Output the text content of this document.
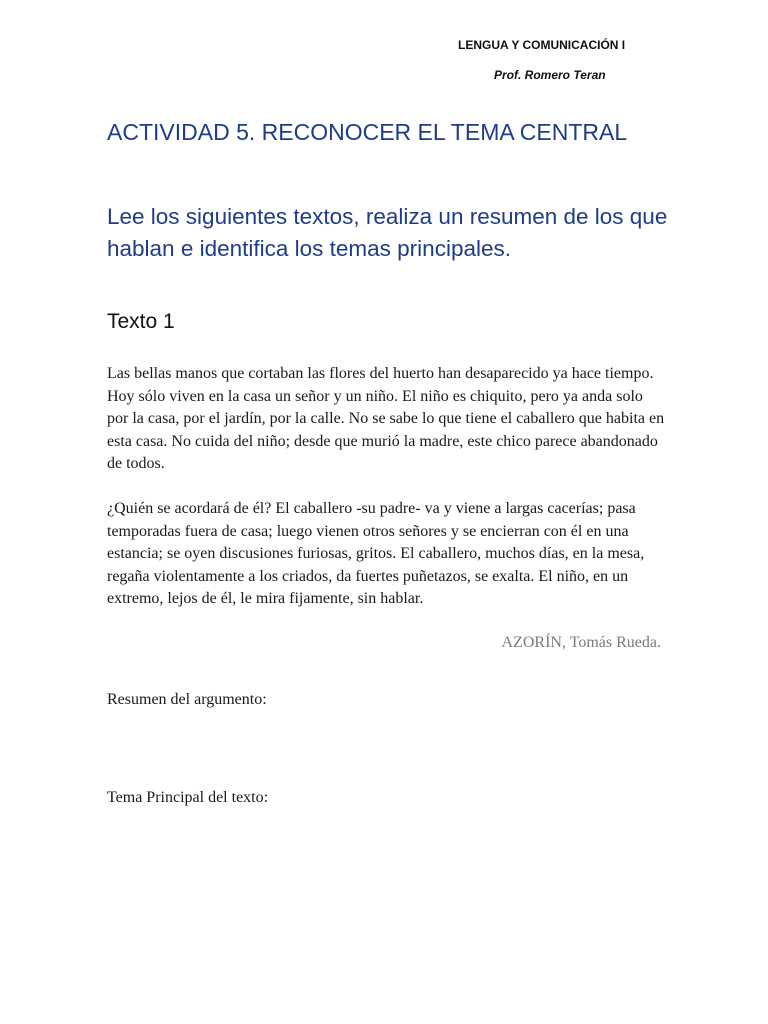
LENGUA Y COMUNICACIÓN I
Prof. Romero Teran
ACTIVIDAD 5. RECONOCER EL TEMA CENTRAL

Lee los siguientes textos, realiza un resumen de los que hablan e identifica los temas principales.

Texto 1

Las bellas manos que cortaban las flores del huerto han desaparecido ya hace tiempo. Hoy sólo viven en la casa un señor y un niño. El niño es chiquito, pero ya anda solo por la casa, por el jardín, por la calle. No se sabe lo que tiene el caballero que habita en esta casa. No cuida del niño; desde que murió la madre, este chico parece abandonado de todos.

¿Quién se acordará de él? El caballero -su padre- va y viene a largas cacerías; pasa temporadas fuera de casa; luego vienen otros señores y se encierran con él en una estancia; se oyen discusiones furiosas, gritos. El caballero, muchos días, en la mesa, regaña violentamente a los criados, da fuertes puñetazos, se exalta. El niño, en un extremo, lejos de él, le mira fijamente, sin hablar.

AZORÍN, Tomás Rueda.
Resumen del argumento:
Tema Principal del texto:
